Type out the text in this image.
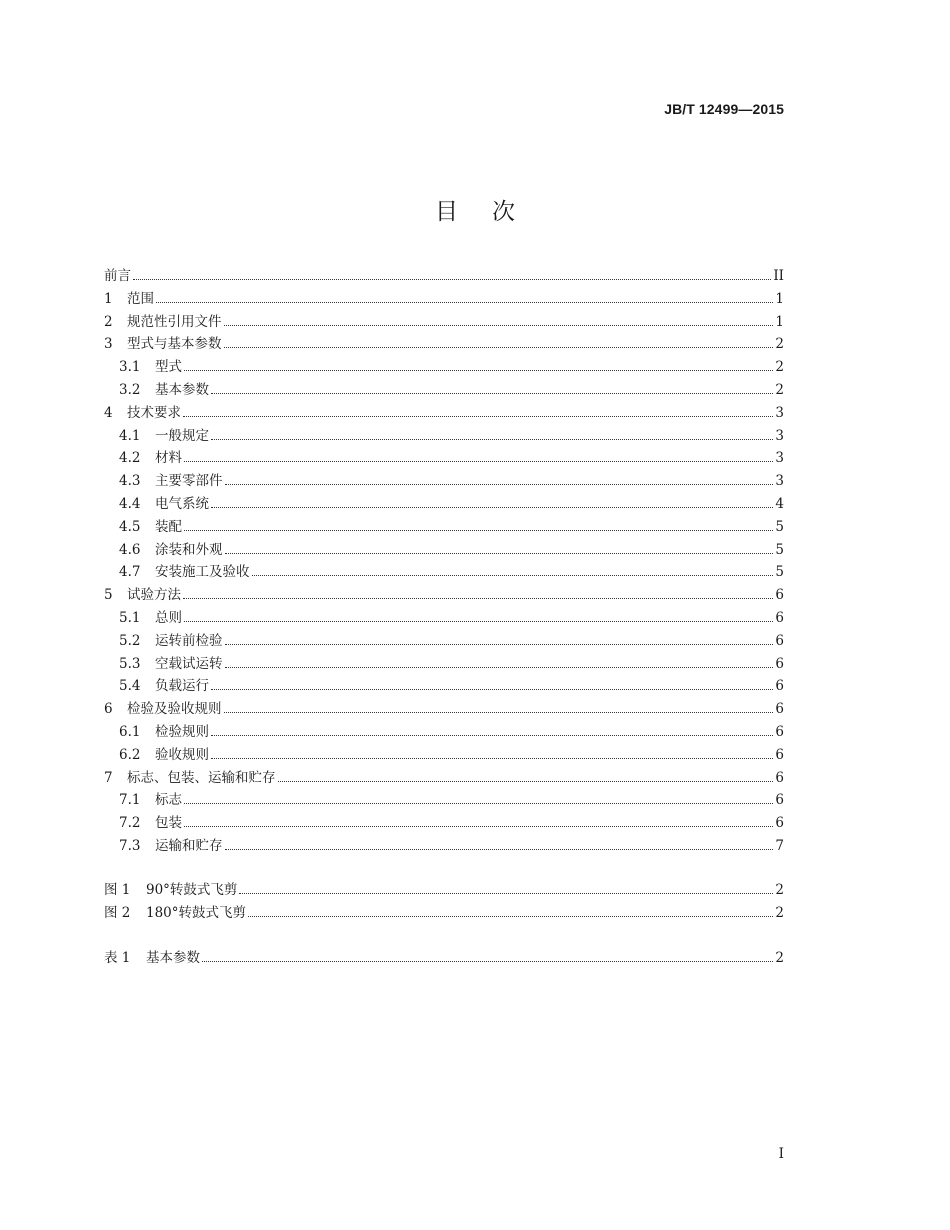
JB/T 12499—2015
目次
前言	II
1	范围	1
2	规范性引用文件	1
3	型式与基本参数	2
3.1	型式	2
3.2	基本参数	2
4	技术要求	3
4.1	一般规定	3
4.2	材料	3
4.3	主要零部件	3
4.4	电气系统	4
4.5	装配	5
4.6	涂装和外观	5
4.7	安装施工及验收	5
5	试验方法	6
5.1	总则	6
5.2	运转前检验	6
5.3	空载试运转	6
5.4	负载运行	6
6	检验及验收规则	6
6.1	检验规则	6
6.2	验收规则	6
7	标志、包装、运输和贮存	6
7.1	标志	6
7.2	包装	6
7.3	运输和贮存	7
图 1	90°转鼓式飞剪	2
图 2	180°转鼓式飞剪	2
表 1	基本参数	2
I
